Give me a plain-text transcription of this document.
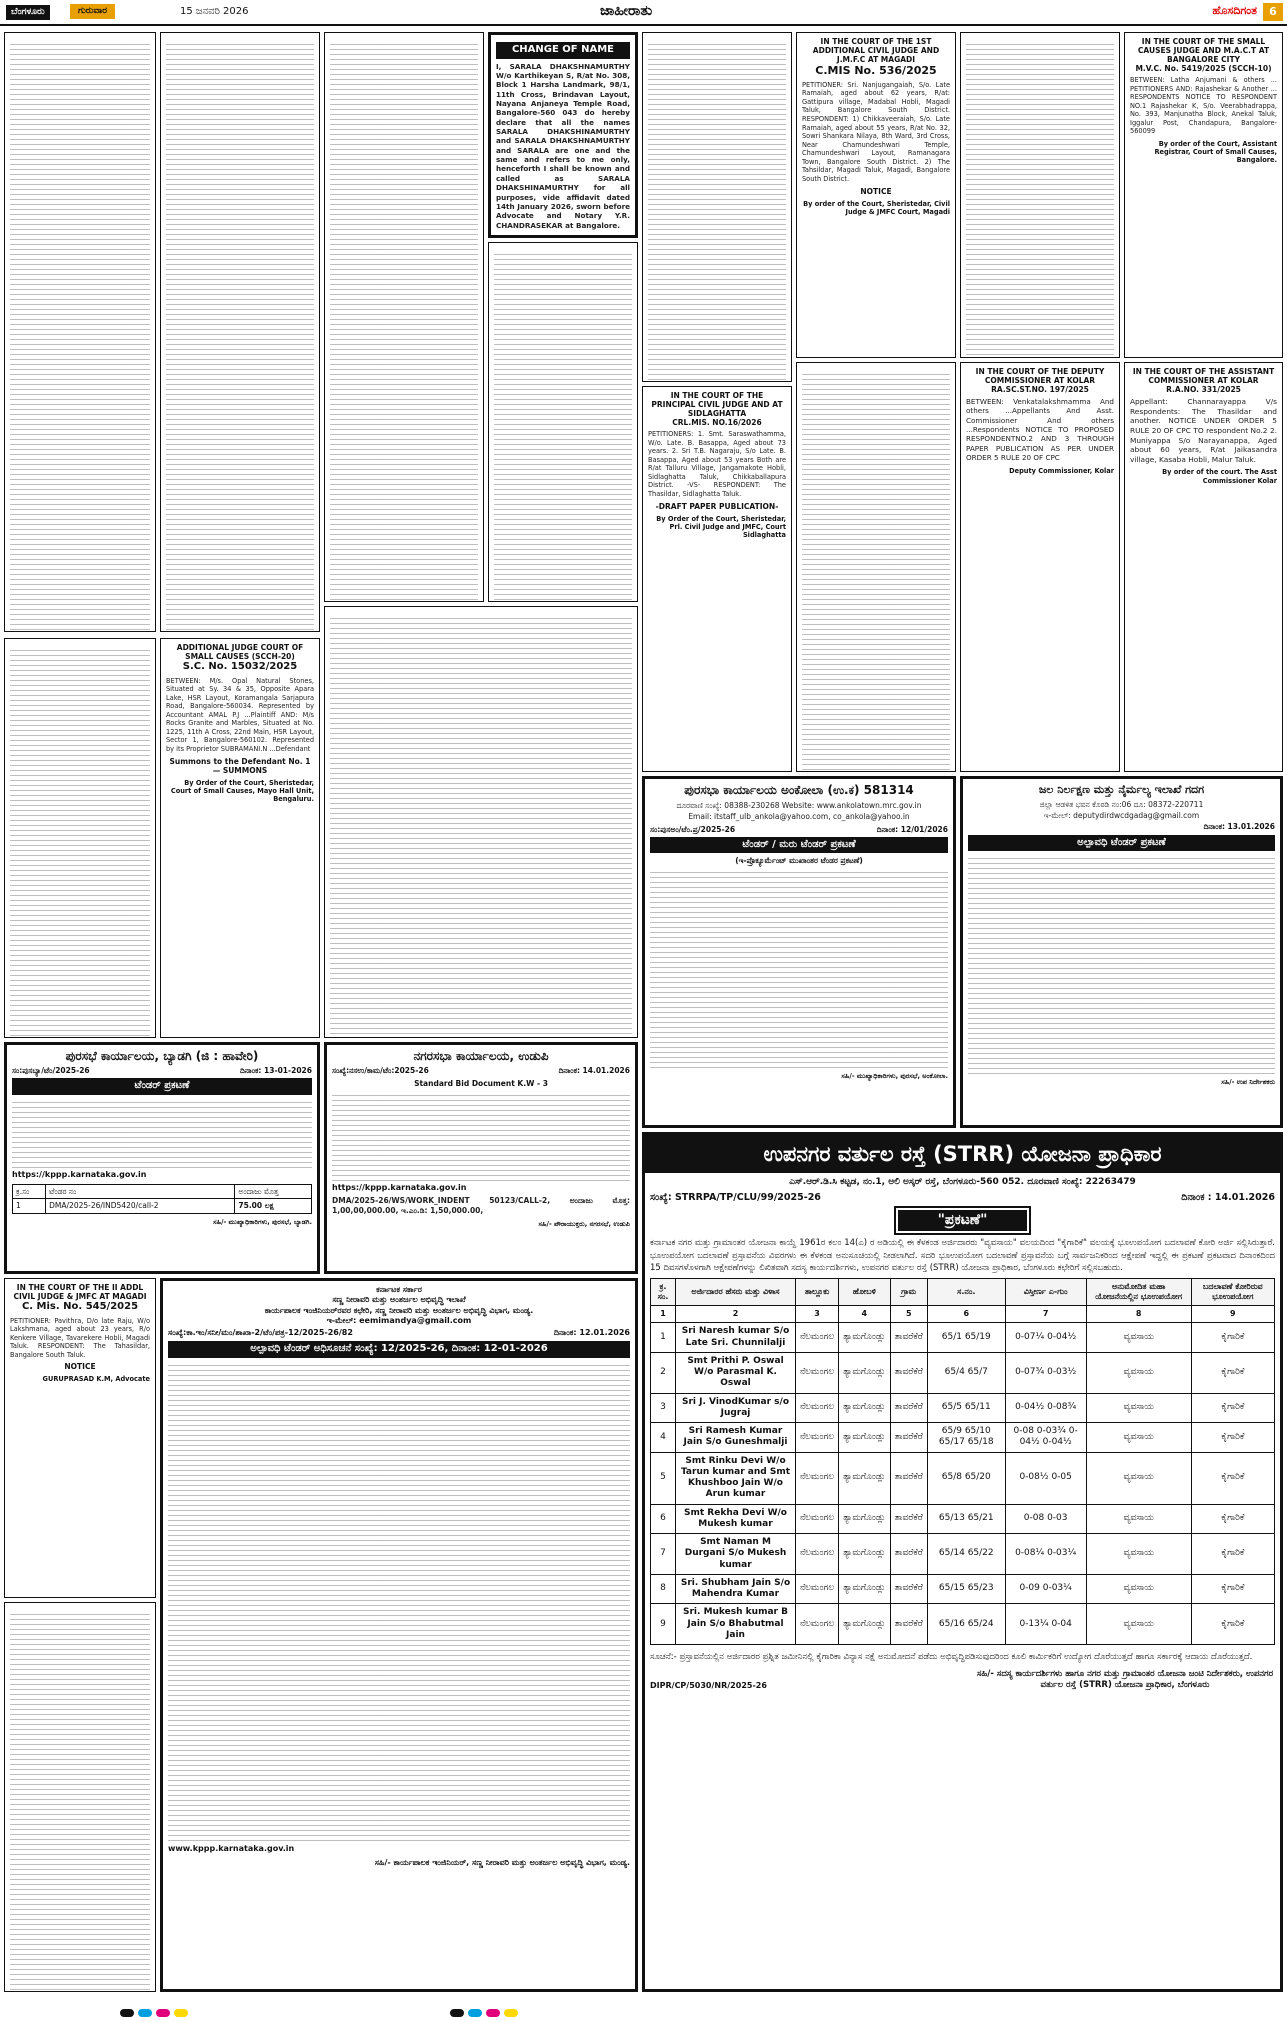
ಬೆಂಗಳೂರು	ಗುರುವಾರ	15 ಜನವರಿ 2026	ಜಾಹೀರಾತು	ಹೊಸದಿಗಂತ	6
ADDITIONAL JUDGE COURT OF SMALL CAUSES (SCCH-20)
S.C. No. 15032/2025
BETWEEN: M/s. Opal Natural Stones, Situated at Sy. 34 & 35, Opposite Apara Lake, HSR Layout, Koramangala Sarjapura Road, Bangalore-560034. Represented by Accountant AMAL P.J ...Plaintiff AND: M/s Rocks Granite and Marbles, Situated at No. 1225, 11th A Cross, 22nd Main, HSR Layout, Sector 1, Bangalore-560102. Represented by its Proprietor SUBRAMANI.N ...Defendant
Summons to the Defendant No. 1 — SUMMONS
By Order of the Court, Sheristedar, Court of Small Causes, Mayo Hall Unit, Bengaluru.
CHANGE OF NAME
I, SARALA DHAKSHNAMURTHY W/o Karthikeyan S, R/at No. 308, Block 1 Harsha Landmark, 98/1, 11th Cross, Brindavan Layout, Nayana Anjaneya Temple Road, Bangalore-560 043 do hereby declare that all the names SARALA DHAKSHINAMURTHY and SARALA DHAKSHNAMURTHY and SARALA are one and the same and refers to me only, henceforth I shall be known and called as SARALA DHAKSHINAMURTHY for all purposes, vide affidavit dated 14th January 2026, sworn before Advocate and Notary Y.R. CHANDRASEKAR at Bangalore.
IN THE COURT OF THE PRINCIPAL CIVIL JUDGE AND AT SIDLAGHATTA
CRL.MIS. NO.16/2026
PETITIONERS: 1. Smt. Saraswathamma, W/o. Late. B. Basappa, Aged about 73 years. 2. Sri T.B. Nagaraju, S/o Late. B. Basappa, Aged about 53 years Both are R/at Talluru Village, Jangamakote Hobli, Sidlaghatta Taluk, Chikkaballapura District. -VS- RESPONDENT: The Thasildar, Sidlaghatta Taluk.
-DRAFT PAPER PUBLICATION-
By Order of the Court, Sheristedar, Prl. Civil Judge and JMFC, Court Sidlaghatta
IN THE COURT OF THE 1ST ADDITIONAL CIVIL JUDGE AND J.M.F.C AT MAGADI
C.MIS No. 536/2025
PETITIONER: Sri. Nanjugangaiah, S/o. Late Ramaiah, aged about 62 years, R/at: Gattipura village, Madabal Hobli, Magadi Taluk, Bangalore South District. RESPONDENT: 1) Chikkaveeraiah, S/o. Late Ramaiah, aged about 55 years, R/at No. 32, Sowri Shankara Nilaya, 8th Ward, 3rd Cross, Near Chamundeshwari Temple, Chamundeshwari Layout, Ramanagara Town, Bangalore South District. 2) The Tahsildar, Magadi Taluk, Magadi, Bangalore South District.
NOTICE
By order of the Court, Sheristedar, Civil Judge & JMFC Court, Magadi
IN THE COURT OF THE DEPUTY COMMISSIONER AT KOLAR
RA.SC.ST.NO. 197/2025
BETWEEN: Venkatalakshmamma And others ...Appellants And Asst. Commissioner And others ...Respondents NOTICE TO PROPOSED RESPONDENTNO.2 AND 3 THROUGH PAPER PUBLICATION AS PER UNDER ORDER 5 RULE 20 OF CPC
Deputy Commissioner, Kolar
IN THE COURT OF THE SMALL CAUSES JUDGE AND M.A.C.T AT BANGALORE CITY
M.V.C. No. 5419/2025 (SCCH-10)
BETWEEN: Latha Anjumani & others ... PETITIONERS AND: Rajashekar & Another ... RESPONDENTS NOTICE TO RESPONDENT NO.1 Rajashekar K, S/o. Veerabhadrappa, No. 393, Manjunatha Block, Anekal Taluk, Iggalur Post, Chandapura, Bangalore-560099
By order of the Court, Assistant Registrar, Court of Small Causes, Bangalore.
IN THE COURT OF THE ASSISTANT COMMISSIONER AT KOLAR
R.A.NO. 331/2025
Appellant: Channarayappa V/s Respondents: The Thasildar and another. NOTICE UNDER ORDER 5 RULE 20 OF CPC TO respondent No.2 2. Muniyappa S/o Narayanappa, Aged about 60 years, R/at Jaikasandra village, Kasaba Hobli, Malur Taluk.
By order of the court. The Asst Commissioner Kolar
ಪುರಸಭಾ ಕಾರ್ಯಾಲಯ ಅಂಕೋಲಾ (ಉ.ಕ) 581314
ದೂರವಾಣಿ ಸಂಖ್ಯೆ: 08388-230268 Website: www.ankolatown.mrc.gov.in
Email: itstaff_ulb_ankola@yahoo.com, co_ankola@yahoo.in
ಸಂ:ಪುಸಅಂ/ಟೆಂ.ಪ್ರ/2025-26	ದಿನಾಂಕ: 12/01/2026
ಟೆಂಡರ್ / ಮರು ಟೆಂಡರ್ ಪ್ರಕಟಣೆ
(ಇ-ಪ್ರೊಕ್ಯೂರ್ಮೆಂಟ್ ಮುಖಾಂತರ ಟೆಂಡರ ಪ್ರಕಟಣೆ)
ಸಹಿ/- ಮುಖ್ಯಾಧಿಕಾರಿಗಳು, ಪುರಸಭೆ, ಅಂಕೋಲಾ.
ಜಲ ನಿರ್ಲಕ್ಷಣ ಮತ್ತು ನೈರ್ಮಲ್ಯ ಇಲಾಖೆ ಗದಗ
ಜಿಲ್ಲಾ ಆಡಳಿತ ಭವನ ಕೊಠಡಿ ನಂ:06 ದೂ: 08372-220711
ಇ-ಮೇಲ್: deputydirdwcdgadag@gmail.com
ದಿನಾಂಕ: 13.01.2026
ಅಲ್ಪಾವಧಿ ಟೆಂಡರ್ ಪ್ರಕಟಣೆ
ಸಹಿ/- ಉಪ ನಿರ್ದೇಶಕರು
ಪುರಸಭೆ ಕಾರ್ಯಾಲಯ, ಬ್ಯಾಡಗಿ (ಜಿ : ಹಾವೇರಿ)
ಸಂ:ಪುಸಬ್ಯಾ/ಟೆಂ/2025-26	ದಿನಾಂಕ: 13-01-2026
ಟೆಂಡರ್ ಪ್ರಕಟಣೆ
https://kppp.karnataka.gov.in
ಕ್ರ.ಸಂ	ಟೆಂಡರ ನಂ	ಅಂದಾಜು ಮೊತ್ತ
1	DMA/2025-26/IND5420/call-2	75.00 ಲಕ್ಷ
ಸಹಿ/- ಮುಖ್ಯಾಧಿಕಾರಿಗಳು, ಪುರಸಭೆ, ಬ್ಯಾಡಗಿ.
ನಗರಸಭಾ ಕಾರ್ಯಾಲಯ, ಉಡುಪಿ
ಸಂಖ್ಯೆ:ನಸಉ/ಕಾಮ/ಟೆಂ:2025-26	ದಿನಾಂಕ: 14.01.2026
Standard Bid Document K.W - 3
https://kppp.karnataka.gov.in
DMA/2025-26/WS/WORK_INDENT 50123/CALL-2, ಅಂದಾಜು ಮೊತ್ತ: 1,00,00,000.00, ಇ.ಎಂ.ಡಿ: 1,50,000.00,
ಸಹಿ/- ಪೌರಾಯುಕ್ತರು, ನಗರಸಭೆ, ಉಡುಪಿ
IN THE COURT OF THE II ADDL CIVIL JUDGE & JMFC AT MAGADI
C. Mis. No. 545/2025
PETITIONER: Pavithra, D/o late Raju, W/o Lakshmana, aged about 23 years, R/o Kenkere Village, Tavarekere Hobli, Magadi Taluk. RESPONDENT: The Tahasildar, Bangalore South Taluk.
NOTICE
GURUPRASAD K.M, Advocate
ಕರ್ನಾಟಕ ಸರ್ಕಾರ
ಸಣ್ಣ ನೀರಾವರಿ ಮತ್ತು ಅಂತರ್ಜಲ ಅಭಿವೃದ್ಧಿ ಇಲಾಖೆ
ಕಾರ್ಯಪಾಲಕ ಇಂಜಿನಿಯರ್‌ರವರ ಕಛೇರಿ, ಸಣ್ಣ ನೀರಾವರಿ ಮತ್ತು ಅಂತರ್ಜಲ ಅಭಿವೃದ್ಧಿ ವಿಭಾಗ, ಮಂಡ್ಯ.
ಇ-ಮೇಲ್: eemimandya@gmail.com
ಸಂಖ್ಯೆ:ಕಾ.ಇಂ/ಸನೀ/ಮಂ/ಶಾಖಾ-2/ಟೆಂ/ಪತ್ರ-12/2025-26/82	ದಿನಾಂಕ: 12.01.2026
ಅಲ್ಪಾವಧಿ ಟೆಂಡರ್ ಅಧಿಸೂಚನೆ ಸಂಖ್ಯೆ: 12/2025-26, ದಿನಾಂಕ: 12-01-2026
www.kppp.karnataka.gov.in
ಸಹಿ/- ಕಾರ್ಯಪಾಲಕ ಇಂಜಿನಿಯರ್, ಸಣ್ಣ ನೀರಾವರಿ ಮತ್ತು ಅಂತರ್ಜಲ ಅಭಿವೃದ್ಧಿ ವಿಭಾಗ, ಮಂಡ್ಯ.
ಉಪನಗರ ವರ್ತುಲ ರಸ್ತೆ (STRR) ಯೋಜನಾ ಪ್ರಾಧಿಕಾರ
ಎಸ್.ಆರ್.ಡಿ.ಸಿ ಕಟ್ಟಡ, ನಂ.1, ಅಲಿ ಅಸ್ಕರ್ ರಸ್ತೆ, ಬೆಂಗಳೂರು-560 052. ದೂರವಾಣಿ ಸಂಖ್ಯೆ: 22263479
ಸಂಖ್ಯೆ: STRRPA/TP/CLU/99/2025-26	ದಿನಾಂಕ : 14.01.2026
"ಪ್ರಕಟಣೆ"
ಕರ್ನಾಟಕ ನಗರ ಮತ್ತು ಗ್ರಾಮಾಂತರ ಯೋಜನಾ ಕಾಯ್ದೆ 1961ರ ಕಲಂ 14(ಎ) ರ ಅಡಿಯಲ್ಲಿ ಈ ಕೆಳಕಂಡ ಅರ್ಜಿದಾರರು "ವ್ಯವಸಾಯ" ವಲಯದಿಂದ "ಕೈಗಾರಿಕೆ" ವಲಯಕ್ಕೆ ಭೂಉಪಯೋಗ ಬದಲಾವಣೆ ಕೋರಿ ಅರ್ಜಿ ಸಲ್ಲಿಸಿರುತ್ತಾರೆ. ಭೂಉಪಯೋಗ ಬದಲಾವಣೆ ಪ್ರಸ್ತಾವನೆಯ ವಿವರಗಳು ಈ ಕೆಳಕಂಡ ಅನುಸೂಚಿಯಲ್ಲಿ ನೀಡಲಾಗಿದೆ. ಸದರಿ ಭೂಉಪಯೋಗ ಬದಲಾವಣೆ ಪ್ರಸ್ತಾವನೆಯ ಬಗ್ಗೆ ಸಾರ್ವಜನಿಕರಿಂದ ಆಕ್ಷೇಪಣೆ ಇದ್ದಲ್ಲಿ ಈ ಪ್ರಕಟಣೆ ಪ್ರಕಟವಾದ ದಿನಾಂಕದಿಂದ 15 ದಿವಸಗಳೊಳಗಾಗಿ ಆಕ್ಷೇಪಣೆಗಳನ್ನು ಲಿಖಿತವಾಗಿ ಸದಸ್ಯ ಕಾರ್ಯದರ್ಶಿಗಳು, ಉಪನಗರ ವರ್ತುಲ ರಸ್ತೆ (STRR) ಯೋಜನಾ ಪ್ರಾಧಿಕಾರ, ಬೆಂಗಳೂರು ಕಛೇರಿಗೆ ಸಲ್ಲಿಸಬಹುದು.
ಕ್ರ. ಸಂ.	ಅರ್ಜಿದಾರರ ಹೆಸರು ಮತ್ತು ವಿಳಾಸ	ತಾಲ್ಲೂಕು	ಹೋಬಳಿ	ಗ್ರಾಮ	ಸ.ನಂ.	ವಿಸ್ತೀರ್ಣ ಎ-ಗುಂ	ಅನುಮೋದಿತ ಮಹಾ ಯೋಜನೆಯಲ್ಲಿನ ಭೂಉಪಯೋಗ	ಬದಲಾವಣೆ ಕೋರಿರುವ ಭೂಉಪಯೋಗ
1	2	3	4	5	6	7	8	9
1	Sri Naresh kumar S/o Late Sri. Chunnilalji	ನೆಲಮಂಗಲ	ತ್ಯಾಮಗೊಂಡ್ಲು	ತಾವರೆಕೆರೆ	65/1 65/19	0-07¼ 0-04½	ವ್ಯವಸಾಯ	ಕೈಗಾರಿಕೆ
2	Smt Prithi P. Oswal W/o Parasmal K. Oswal	ನೆಲಮಂಗಲ	ತ್ಯಾಮಗೊಂಡ್ಲು	ತಾವರೆಕೆರೆ	65/4 65/7	0-07¾ 0-03½	ವ್ಯವಸಾಯ	ಕೈಗಾರಿಕೆ
3	Sri J. VinodKumar s/o Jugraj	ನೆಲಮಂಗಲ	ತ್ಯಾಮಗೊಂಡ್ಲು	ತಾವರೆಕೆರೆ	65/5 65/11	0-04½ 0-08¾	ವ್ಯವಸಾಯ	ಕೈಗಾರಿಕೆ
4	Sri Ramesh Kumar Jain S/o Guneshmalji	ನೆಲಮಂಗಲ	ತ್ಯಾಮಗೊಂಡ್ಲು	ತಾವರೆಕೆರೆ	65/9 65/10 65/17 65/18	0-08 0-03¾ 0-04½ 0-04½	ವ್ಯವಸಾಯ	ಕೈಗಾರಿಕೆ
5	Smt Rinku Devi W/o Tarun kumar and Smt Khushboo Jain W/o Arun kumar	ನೆಲಮಂಗಲ	ತ್ಯಾಮಗೊಂಡ್ಲು	ತಾವರೆಕೆರೆ	65/8 65/20	0-08½ 0-05	ವ್ಯವಸಾಯ	ಕೈಗಾರಿಕೆ
6	Smt Rekha Devi W/o Mukesh kumar	ನೆಲಮಂಗಲ	ತ್ಯಾಮಗೊಂಡ್ಲು	ತಾವರೆಕೆರೆ	65/13 65/21	0-08 0-03	ವ್ಯವಸಾಯ	ಕೈಗಾರಿಕೆ
7	Smt Naman M Durgani S/o Mukesh kumar	ನೆಲಮಂಗಲ	ತ್ಯಾಮಗೊಂಡ್ಲು	ತಾವರೆಕೆರೆ	65/14 65/22	0-08¼ 0-03¼	ವ್ಯವಸಾಯ	ಕೈಗಾರಿಕೆ
8	Sri. Shubham Jain S/o Mahendra Kumar	ನೆಲಮಂಗಲ	ತ್ಯಾಮಗೊಂಡ್ಲು	ತಾವರೆಕೆರೆ	65/15 65/23	0-09 0-03¼	ವ್ಯವಸಾಯ	ಕೈಗಾರಿಕೆ
9	Sri. Mukesh kumar B Jain S/o Bhabutmal Jain	ನೆಲಮಂಗಲ	ತ್ಯಾಮಗೊಂಡ್ಲು	ತಾವರೆಕೆರೆ	65/16 65/24	0-13¼ 0-04	ವ್ಯವಸಾಯ	ಕೈಗಾರಿಕೆ
ಸೂಚನೆ:- ಪ್ರಸ್ತಾವನೆಯಲ್ಲಿನ ಅರ್ಜಿದಾರರ ಪ್ರಶ್ನಿತ ಜಮೀನಿನಲ್ಲಿ ಕೈಗಾರಿಕಾ ವಿನ್ಯಾಸ ನಕ್ಷೆ ಅನುಮೋದನೆ ಪಡೆದು ಅಭಿವೃದ್ಧಿಪಡಿಸುವುದರಿಂದ ಕೂಲಿ ಕಾರ್ಮಿಕರಿಗೆ ಉದ್ಯೋಗ ದೊರೆಯುತ್ತದೆ ಹಾಗೂ ಸರ್ಕಾರಕ್ಕೆ ಆದಾಯ ದೊರೆಯುತ್ತದೆ.
DIPR/CP/5030/NR/2025-26
ಸಹಿ/- ಸದಸ್ಯ ಕಾರ್ಯದರ್ಶಿಗಳು ಹಾಗೂ ನಗರ ಮತ್ತು ಗ್ರಾಮಾಂತರ ಯೋಜನಾ ಜಂಟಿ ನಿರ್ದೇಶಕರು, ಉಪನಗರ ವರ್ತುಲ ರಸ್ತೆ (STRR) ಯೋಜನಾ ಪ್ರಾಧಿಕಾರ, ಬೆಂಗಳೂರು
